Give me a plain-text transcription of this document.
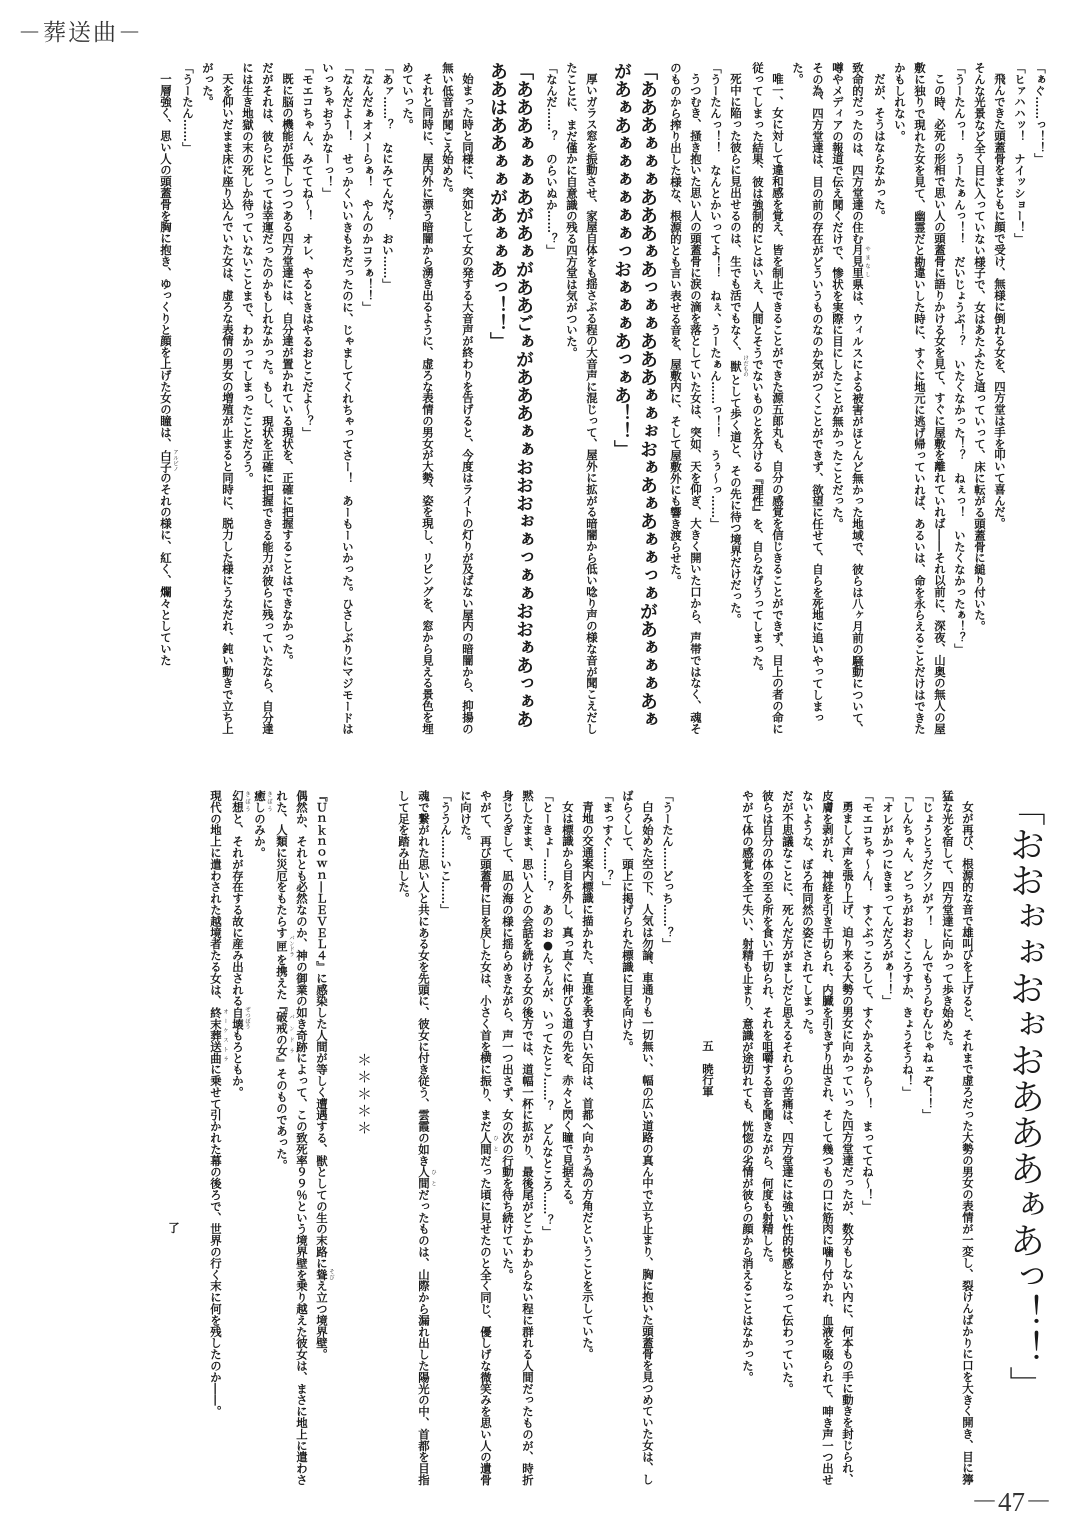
－葬送曲－

「ぁぐ……っ！！」

「ヒァハハッ！　ナイッショー！」

飛んできた頭蓋骨をまともに顔で受け、無様に倒れる女を、四方堂は手を叩いて喜んだ。

そんな光景など全く目に入っていない様子で、女はあたふたと這っていって、床に転がる頭蓋骨に縋り付いた。

「うーたんっ！　うーたぁんっ！！　だいじょうぶ！？　いたくなかった！？　ねぇっ！　いたくなかったぁ！？」

この時、必死の形相で思い人の頭蓋骨に語りかける女を見て、すぐに屋敷を離れていれば――それ以前に、深夜、山奥の無人の屋敷に独りで現れた女を見て、幽霊だと勘違いした時に、すぐに地元に逃げ帰っていれば、あるいは、命を永らえることだけはできたかもしれない。

だが、そうはならなかった。

致命的だったのは、四方堂達の住む月見里 やまなし県は、ウィルスによる被害がほとんど無かった地域で、彼らは八ヶ月前の騒動について、噂やメディアの報道で伝え聞くだけで、惨状を実際に目にしたことが無かったことだった。

その為、四方堂達は、目の前の存在がどういうものなのか気がつくことができず、欲望に任せて、自らを死地に追いやってしまった。

唯一、女に対して違和感を覚え、皆を制止できることができた源五郎丸も、自分の感覚を信じきることができず、目上の者の命に従ってしまった結果、彼は強制的にとはいえ、人間とそうでないものとを分ける『理性』を、自らなげうってしまった。

死中に陥った彼らに見出せるのは、生でも活でもなく、獣 けだものとして歩く道と、その先に待つ境界だけだった。

「うーたんっ！！　なんとかいってよ！！　ねぇ、うーたぁん……っ！！　うぅ〜っ……」

うつむき、掻き抱いた思い人の頭蓋骨に涙の滴を落としていた女は、突如、天を仰ぎ、大きく開いた口から、声帯ではなく、魂そのものから搾り出した様な、根源的とも言い表せる音を、屋敷内に、そして屋敷外にも響き渡らせた。

「あああぁぁぁあああぁあっぁぁあああぁぁぉおぁあぁあぁぁっぁがあぁぁぁあぁがあぁあぁぁぁぁぁぁっおぁぁぁあっぁあ！！」

厚いガラス窓を振動させ、家屋自体をも揺さぶる程の大音声に混じって、屋外に拡がる暗闇から低い唸り声の様な音が聞こえだしたことに、まだ僅かに自意識の残る四方堂は気がついた。

「なんだ……？　のらいぬか……？」

「あああぁぁぁあがあぁがああごぁがあああぁぁおおおぉぁっぁぁおおぁあっぁあああはああぁぁがあぁぁあっ！！」

始まった時と同様に、突如として女の発する大音声が終わりを告げると、今度はライトの灯りが及ばない屋内の暗闇から、抑揚の無い低音が聞こえ始めた。

それと同時に、屋内外に漂う暗闇から湧き出るように、虚ろな表情の男女が大勢、姿を現し、リビングを、窓から見える景色を埋めていった。

「あァ……？　なにみてんだ？　おい……」

「なんだぁオメーらぁ！　やんのかコラぁ！！」

「なんだよー！　せっかくいいきもちだったのに、じゃましてくれちゃってさー！　あーもーいかった。ひさしぶりにマジモードはいっちゃおうかなーっ！」

「モエコちゃん、みててね〜！　オレ、やるときはやるおとこだよ〜？」

既に脳の機能が低下しつつある四方堂達には、自分達が置かれている現状を、正確に把握することはできなかった。

だがそれは、彼らにとっては幸運だったのかもしれなかった。もし、現状を正確に把握できる能力が彼らに残っていたなら、自分達には生き地獄の末の死しか待っていないことまで、わかってしまったことだろう。

天を仰いだまま床に座り込んでいた女は、虚ろな表情の男女の増殖が止まると同時に、脱力した様にうなだれ、鈍い動きで立ち上がった。

「うーたん……」

一層強く、思い人の頭蓋骨を胸に抱き、ゆっくりと顔を上げた女の瞳は、白子 アルビノのそれの様に、紅く、爛々としていた

「おおぉぉおぉおあああぁあっ！！」

女が再び、根源的な音で雄叫びを上げると、それまで虚ろだった大勢の男女の表情が一変し、裂けんばかりに口を大きく開き、目に獰猛な光を宿して、四方堂達に向かって歩き始めた。

「じょうとうだクソがァ！　しんでもうらむんじゃねェぞ！！」

「しんちゃん、どっちがおおくころすか、きょうそうね！」

「オレがかつにきまってんだろがぁ！！」

「モエコちゃ〜ん！　すぐぶっころして、すぐかえるから〜！　まっててね〜！」

勇ましく声を張り上げ、迫り来る大勢の男女に向かっていった四方堂達だったが、数分もしない内に、何本もの手に動きを封じられ、皮膚を剥がれ、神経を引き千切られ、内臓を引きずり出され、そして幾つもの口に筋肉に噛り付かれ、血液を啜られて、呻き声一つ出せないような、ぼろ布同然の姿にされてしまった。

だが不思議なことに、死んだ方がましだと思えるそれらの苦痛は、四方堂達には強い性的快感となって伝わっていた。

彼らは自分の体の至る所を食い千切られ、それを咀嚼する音を聞きながら、何度も射精した。

やがて体の感覚を全て失い、射精も止まり、意識が途切れても、恍惚の劣情が彼らの顔から消えることはなかった。

五　暁行軍

「うーたん……どっち……？」

白み始めた空の下、人気は勿論、車通りも一切無い、幅の広い道路の真ん中で立ち止まり、胸に抱いた頭蓋骨を見つめていた女は、しばらくして、頭上に掲げられた標識に目を向けた。

「まっすぐ……？」

青地の交通案内標識に描かれた、直進を表す白い矢印は、首都へ向かう為の方角だということを示していた。

女は標識から目を外し、真っ直ぐに伸びる道の先を、赤々と閃く瞳で見据える。

「とーきょー……？　あのお●んちんが、いってたとこ……？　どんなところ……？」

黙したまま、思い人との会話を続ける女の後方では、道幅一杯に拡がり、最後尾がどこかわからない程に群れる人間だったものが、時折身じろぎして、凪の海の様に揺らめきながら、声一つ出さず、女の次の行動を待ち続けていた。

やがて、再び頭蓋骨に目を戻した女は、小さく首を横に振り、まだ人間 ひとだった頃に見せたのと全く同じ、優しげな微笑みを思い人の遺骨に向けた。

「ううん……いこ……」

魂で繋がれた思い人と共にある女を先頭に、彼女に付き従う、雲霞の如き人間 ひとだったものは、山際から漏れ出した陽光の中、首都を目指して足を踏み出した。

＊＊＊＊＊

『Ｕｎｋｎｏｗｎ―ＬＥＶＥＬ４』に感染した人間が等しく遭遇する、獣としての生の末路に聳 そびえ立つ境界壁。

偶然か、それとも必然なのか、神の御業の如き奇跡によって、この致死率９９％という境界壁を乗り越えた彼女は、まさに地上に遣わされた、人類に災厄をもたらす匣 パンドラを携えた『破戒の女 パンドラ』そのものであった。

癒し きぼうのみか。

幻想 きぼうと、それが存在する故に産み出される自壊 ぜつぼうもろともか。

現代の地上に遣わされた越境者たる女は、終末葬送曲 オーケストラに乗せて引かれた幕の後ろで、世界の行く末に何を残したのか――。

了

－47－
